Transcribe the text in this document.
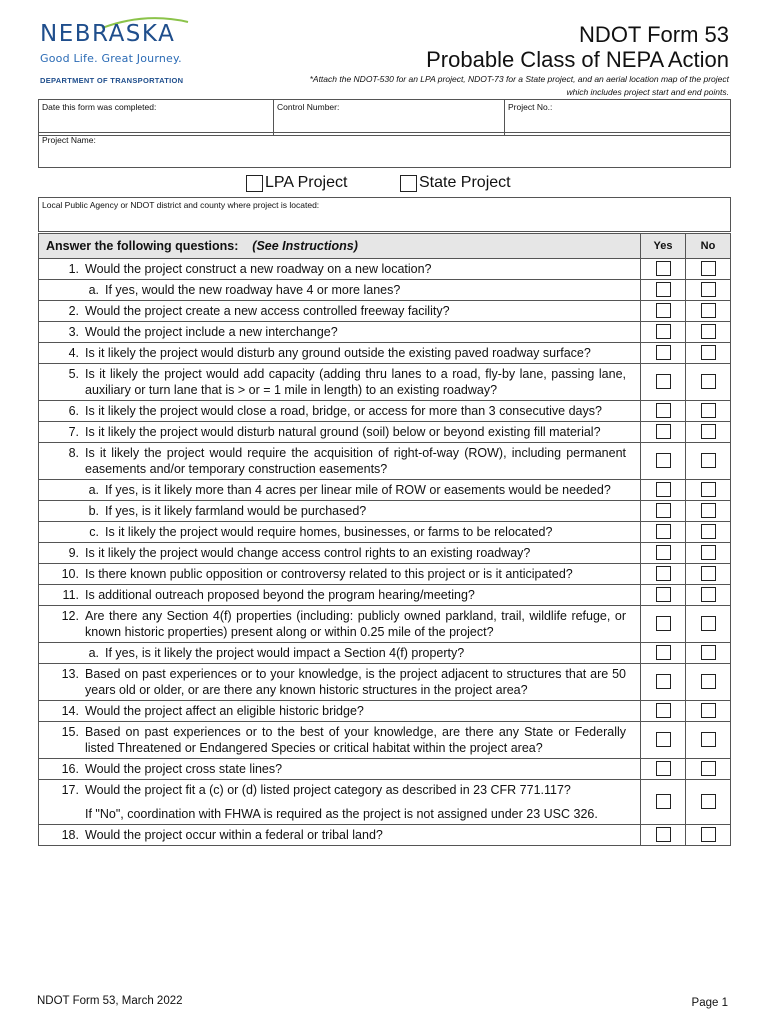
NEBRASKA
Good Life. Great Journey.
DEPARTMENT OF TRANSPORTATION
NDOT Form 53
Probable Class of NEPA Action
*Attach the NDOT-530 for an LPA project, NDOT-73 for a State project, and an aerial location map of the project which includes project start and end points.
Date this form was completed:	Control Number:	Project No.:
Project Name:
LPA Project	State Project
Local Public Agency or NDOT district and county where project is located:
Answer the following questions: (See Instructions)	Yes	No

1. Would the project construct a new roadway on a new location?		

a. If yes, would the new roadway have 4 or more lanes?		

2. Would the project create a new access controlled freeway facility?		

3. Would the project include a new interchange?		

4. Is it likely the project would disturb any ground outside the existing paved roadway surface?		

5. Is it likely the project would add capacity (adding thru lanes to a road, fly-by lane, passing lane, auxiliary or turn lane that is > or = 1 mile in length) to an existing roadway?		

6. Is it likely the project would close a road, bridge, or access for more than 3 consecutive days?		

7. Is it likely the project would disturb natural ground (soil) below or beyond existing fill material?		

8. Is it likely the project would require the acquisition of right-of-way (ROW), including permanent easements and/or temporary construction easements?		

a. If yes, is it likely more than 4 acres per linear mile of ROW or easements would be needed?		

b. If yes, is it likely farmland would be purchased?		

c. Is it likely the project would require homes, businesses, or farms to be relocated?		

9. Is it likely the project would change access control rights to an existing roadway?		

10. Is there known public opposition or controversy related to this project or is it anticipated?		

11. Is additional outreach proposed beyond the program hearing/meeting?		

12. Are there any Section 4(f) properties (including: publicly owned parkland, trail, wildlife refuge, or known historic properties) present along or within 0.25 mile of the project?		

a. If yes, is it likely the project would impact a Section 4(f) property?		

13. Based on past experiences or to your knowledge, is the project adjacent to structures that are 50 years old or older, or are there any known historic structures in the project area?		

14. Would the project affect an eligible historic bridge?		

15. Based on past experiences or to the best of your knowledge, are there any State or Federally listed Threatened or Endangered Species or critical habitat within the project area?		

16. Would the project cross state lines?		

17. Would the project fit a (c) or (d) listed project category as described in 23 CFR 771.117?
If "No", coordination with FHWA is required as the project is not assigned under 23 USC 326.		

18. Would the project occur within a federal or tribal land?		

NDOT Form 53, March 2022	Page 1
